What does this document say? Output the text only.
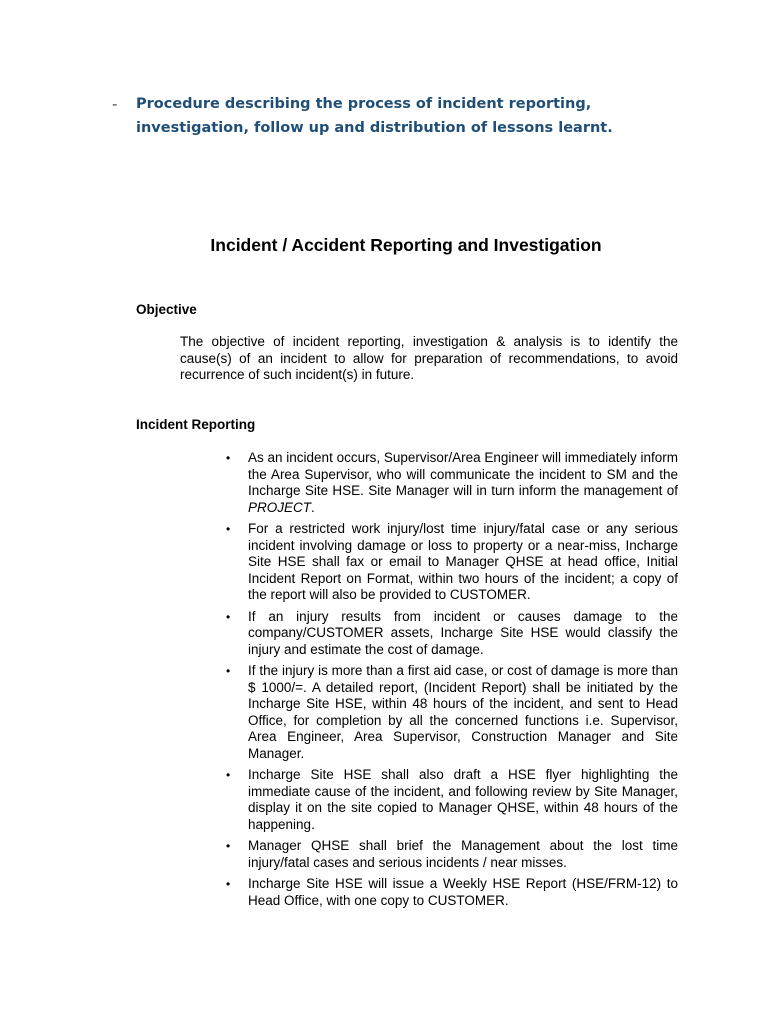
-	Procedure describing the process of incident reporting, investigation, follow up and distribution of lessons learnt.
Incident / Accident Reporting and Investigation
Objective
The objective of incident reporting, investigation & analysis is to identify the cause(s) of an incident to allow for preparation of recommendations, to avoid recurrence of such incident(s) in future.
Incident Reporting
•	As an incident occurs, Supervisor/Area Engineer will immediately inform the Area Supervisor, who will communicate the incident to SM and the Incharge Site HSE. Site Manager will in turn inform the management of PROJECT.
•	For a restricted work injury/lost time injury/fatal case or any serious incident involving damage or loss to property or a near-miss, Incharge Site HSE shall fax or email to Manager QHSE at head office, Initial Incident Report on Format, within two hours of the incident; a copy of the report will also be provided to CUSTOMER.
•	If an injury results from incident or causes damage to the company/CUSTOMER assets, Incharge Site HSE would classify the injury and estimate the cost of damage.
•	If the injury is more than a first aid case, or cost of damage is more than $ 1000/=. A detailed report, (Incident Report) shall be initiated by the Incharge Site HSE, within 48 hours of the incident, and sent to Head Office, for completion by all the concerned functions i.e. Supervisor, Area Engineer, Area Supervisor, Construction Manager and Site Manager.
•	Incharge Site HSE shall also draft a HSE flyer highlighting the immediate cause of the incident, and following review by Site Manager, display it on the site copied to Manager QHSE, within 48 hours of the happening.
•	Manager QHSE shall brief the Management about the lost time injury/fatal cases and serious incidents / near misses.
•	Incharge Site HSE will issue a Weekly HSE Report (HSE/FRM-12) to Head Office, with one copy to CUSTOMER.
